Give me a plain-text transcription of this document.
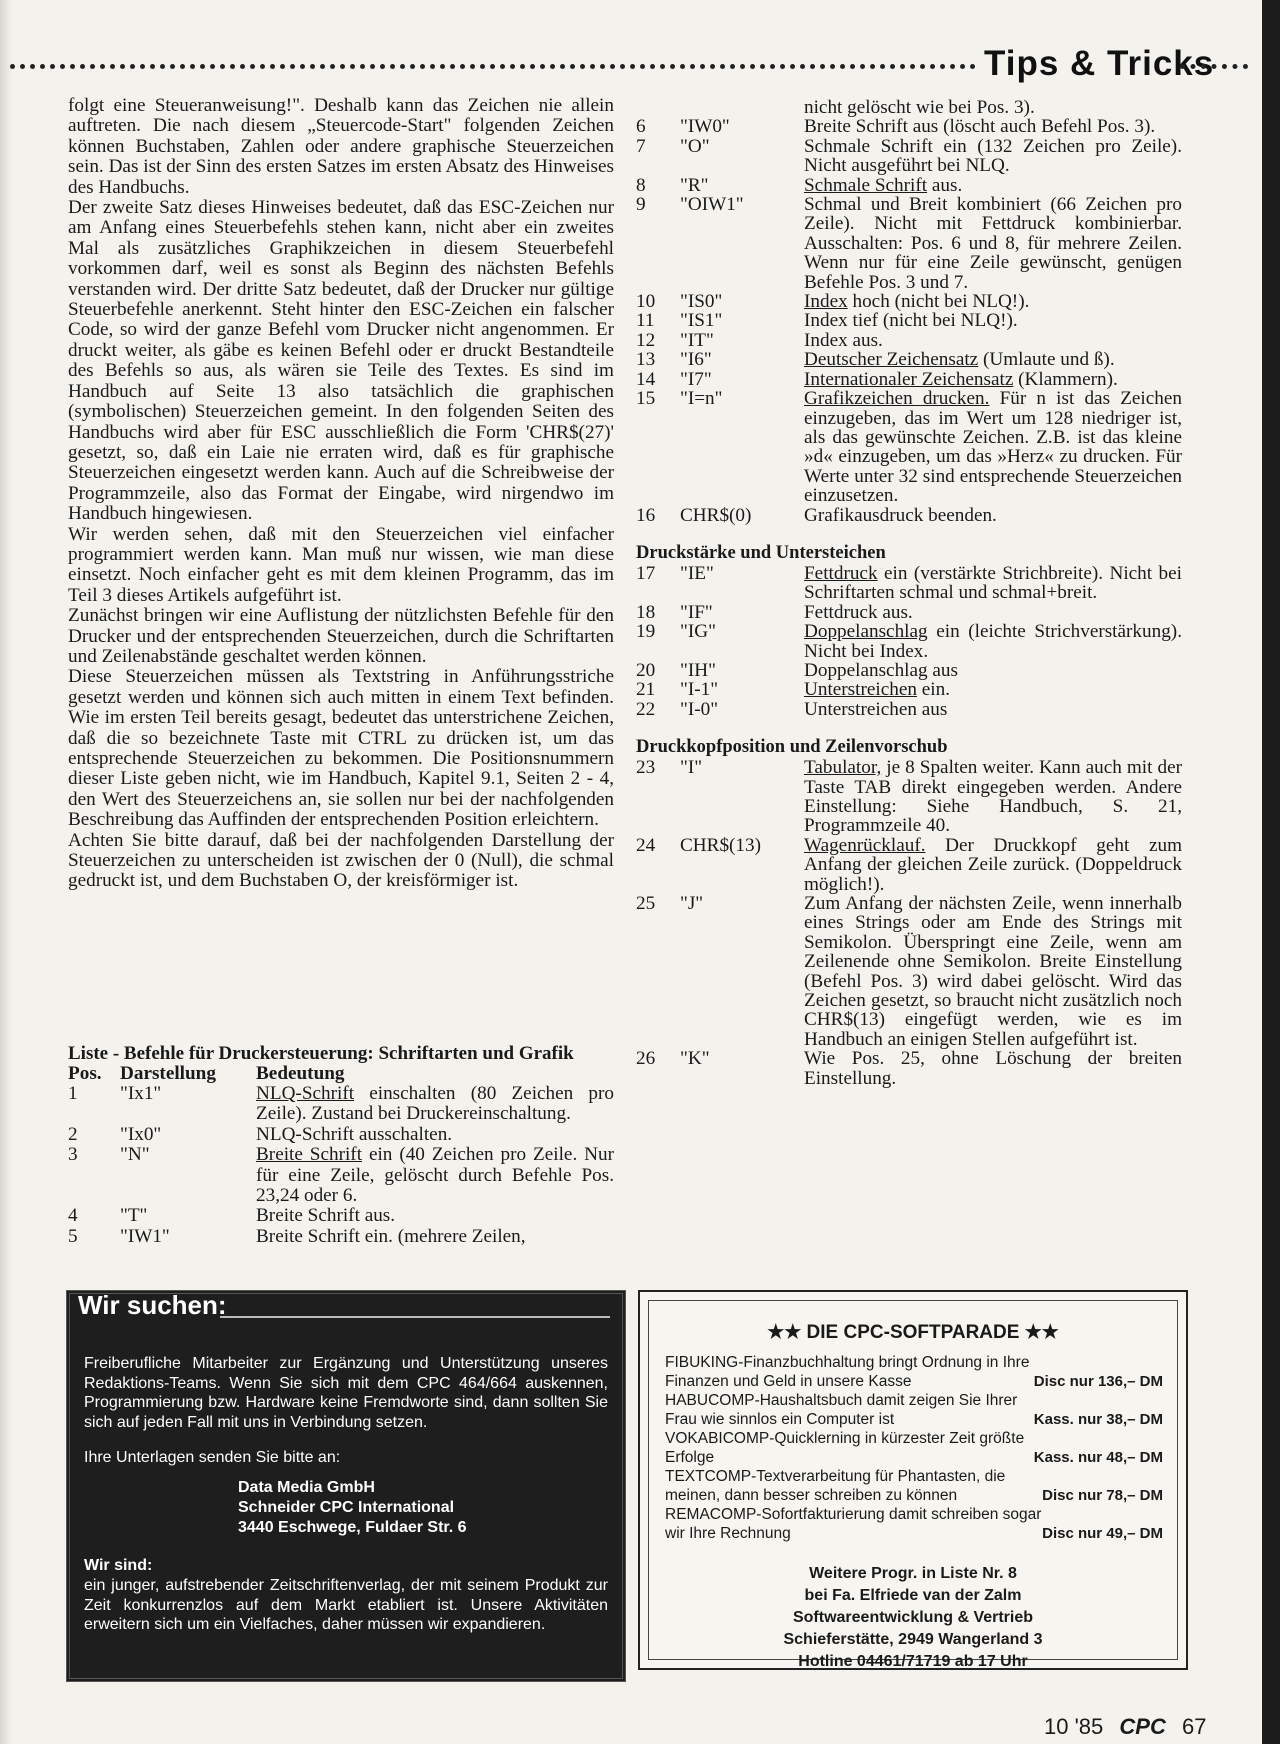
Tips & Tricks

folgt eine Steueranweisung!". Deshalb kann das Zeichen nie allein auftreten. Die nach diesem „Steuercode-Start" folgenden Zeichen können Buchstaben, Zahlen oder andere graphische Steuerzeichen sein. Das ist der Sinn des ersten Satzes im ersten Absatz des Hinweises des Handbuchs.

Der zweite Satz dieses Hinweises bedeutet, daß das ESC-Zeichen nur am Anfang eines Steuerbefehls stehen kann, nicht aber ein zweites Mal als zusätzliches Graphikzeichen in diesem Steuerbefehl vorkommen darf, weil es sonst als Beginn des nächsten Befehls verstanden wird. Der dritte Satz bedeutet, daß der Drucker nur gültige Steuerbefehle anerkennt. Steht hinter den ESC-Zeichen ein falscher Code, so wird der ganze Befehl vom Drucker nicht angenommen. Er druckt weiter, als gäbe es keinen Befehl oder er druckt Bestandteile des Befehls so aus, als wären sie Teile des Textes. Es sind im Handbuch auf Seite 13 also tatsächlich die graphischen (symbolischen) Steuerzeichen gemeint. In den folgenden Seiten des Handbuchs wird aber für ESC ausschließlich die Form 'CHR$(27)' gesetzt, so, daß ein Laie nie erraten wird, daß es für graphische Steuerzeichen eingesetzt werden kann. Auch auf die Schreibweise der Programmzeile, also das Format der Eingabe, wird nirgendwo im Handbuch hingewiesen.

Wir werden sehen, daß mit den Steuerzeichen viel einfacher programmiert werden kann. Man muß nur wissen, wie man diese einsetzt. Noch einfacher geht es mit dem kleinen Programm, das im Teil 3 dieses Artikels aufgeführt ist.

Zunächst bringen wir eine Auflistung der nützlichsten Befehle für den Drucker und der entsprechenden Steuerzeichen, durch die Schriftarten und Zeilenabstände geschaltet werden können.

Diese Steuerzeichen müssen als Textstring in Anführungsstriche gesetzt werden und können sich auch mitten in einem Text befinden. Wie im ersten Teil bereits gesagt, bedeutet das unterstrichene Zeichen, daß die so bezeichnete Taste mit CTRL zu drücken ist, um das entsprechende Steuerzeichen zu bekommen. Die Positionsnummern dieser Liste geben nicht, wie im Handbuch, Kapitel 9.1, Seiten 2 - 4, den Wert des Steuerzeichens an, sie sollen nur bei der nachfolgenden Beschreibung das Auffinden der entsprechenden Position erleichtern.

Achten Sie bitte darauf, daß bei der nachfolgenden Darstellung der Steuerzeichen zu unterscheiden ist zwischen der 0 (Null), die schmal gedruckt ist, und dem Buchstaben O, der kreisförmiger ist.

Liste - Befehle für Druckersteuerung: Schriftarten und Grafik
Pos. Darstellung	Bedeutung
1	"Ix1"	NLQ-Schrift einschalten (80 Zeichen pro Zeile). Zustand bei Druckereinschaltung.
2	"Ix0"	NLQ-Schrift ausschalten.
3	"N"	Breite Schrift ein (40 Zeichen pro Zeile. Nur für eine Zeile, gelöscht durch Befehle Pos. 23,24 oder 6.
4	"T"	Breite Schrift aus.
5	"IW1"	Breite Schrift ein. (mehrere Zeilen,
nicht gelöscht wie bei Pos. 3).
6	"IW0"	Breite Schrift aus (löscht auch Befehl Pos. 3).
7	"O"	Schmale Schrift ein (132 Zeichen pro Zeile). Nicht ausgeführt bei NLQ.
8	"R"	Schmale Schrift aus.
9	"OIW1"	Schmal und Breit kombiniert (66 Zeichen pro Zeile). Nicht mit Fettdruck kombinierbar. Ausschalten: Pos. 6 und 8, für mehrere Zeilen. Wenn nur für eine Zeile gewünscht, genügen Befehle Pos. 3 und 7.
10	"IS0"	Index hoch (nicht bei NLQ!).
11	"IS1"	Index tief (nicht bei NLQ!).
12	"IT"	Index aus.
13	"I6"	Deutscher Zeichensatz (Umlaute und ß).
14	"I7"	Internationaler Zeichensatz (Klammern).
15	"I=n"	Grafikzeichen drucken. Für n ist das Zeichen einzugeben, das im Wert um 128 niedriger ist, als das gewünschte Zeichen. Z.B. ist das kleine »d« einzugeben, um das »Herz« zu drucken. Für Werte unter 32 sind entsprechende Steuerzeichen einzusetzen.
16	CHR$(0)	Grafikausdruck beenden.
Druckstärke und Untersteichen
17	"IE"	Fettdruck ein (verstärkte Strichbreite). Nicht bei Schriftarten schmal und schmal+breit.
18	"IF"	Fettdruck aus.
19	"IG"	Doppelanschlag ein (leichte Strichverstärkung). Nicht bei Index.
20	"IH"	Doppelanschlag aus
21	"I-1"	Unterstreichen ein.
22	"I-0"	Unterstreichen aus
Druckkopfposition und Zeilenvorschub
23	"I"	Tabulator, je 8 Spalten weiter. Kann auch mit der Taste TAB direkt eingegeben werden. Andere Einstellung: Siehe Handbuch, S. 21, Programmzeile 40.
24	CHR$(13)	Wagenrücklauf. Der Druckkopf geht zum Anfang der gleichen Zeile zurück. (Doppeldruck möglich!).
25	"J"	Zum Anfang der nächsten Zeile, wenn innerhalb eines Strings oder am Ende des Strings mit Semikolon. Überspringt eine Zeile, wenn am Zeilenende ohne Semikolon. Breite Einstellung (Befehl Pos. 3) wird dabei gelöscht. Wird das Zeichen gesetzt, so braucht nicht zusätzlich noch CHR$(13) eingefügt werden, wie es im Handbuch an einigen Stellen aufgeführt ist.
26	"K"	Wie Pos. 25, ohne Löschung der breiten Einstellung.
Wir suchen:
Freiberufliche Mitarbeiter zur Ergänzung und Unterstützung unseres Redaktions-Teams. Wenn Sie sich mit dem CPC 464/664 auskennen, Programmierung bzw. Hardware keine Fremdworte sind, dann sollten Sie sich auf jeden Fall mit uns in Verbindung setzen.
Ihre Unterlagen senden Sie bitte an:
Data Media GmbH
Schneider CPC International
3440 Eschwege, Fuldaer Str. 6
Wir sind:
ein junger, aufstrebender Zeitschriftenverlag, der mit seinem Produkt zur Zeit konkurrenzlos auf dem Markt etabliert ist. Unsere Aktivitäten erweitern sich um ein Vielfaches, daher müssen wir expandieren.
★★ DIE CPC-SOFTPARADE ★★
FIBUKING-Finanzbuchhaltung bringt Ordnung in Ihre
Finanzen und Geld in unsere Kasse	Disc nur 136,– DM
HABUCOMP-Haushaltsbuch damit zeigen Sie Ihrer
Frau wie sinnlos ein Computer ist	Kass. nur 38,– DM
VOKABICOMP-Quicklerning in kürzester Zeit größte
Erfolge	Kass. nur 48,– DM
TEXTCOMP-Textverarbeitung für Phantasten, die
meinen, dann besser schreiben zu können	Disc nur 78,– DM
REMACOMP-Sofortfakturierung damit schreiben sogar
wir Ihre Rechnung	Disc nur 49,– DM
Weitere Progr. in Liste Nr. 8
bei Fa. Elfriede van der Zalm
Softwareentwicklung & Vertrieb
Schieferstätte, 2949 Wangerland 3
Hotline 04461/71719 ab 17 Uhr
10 '85 CPC 67
